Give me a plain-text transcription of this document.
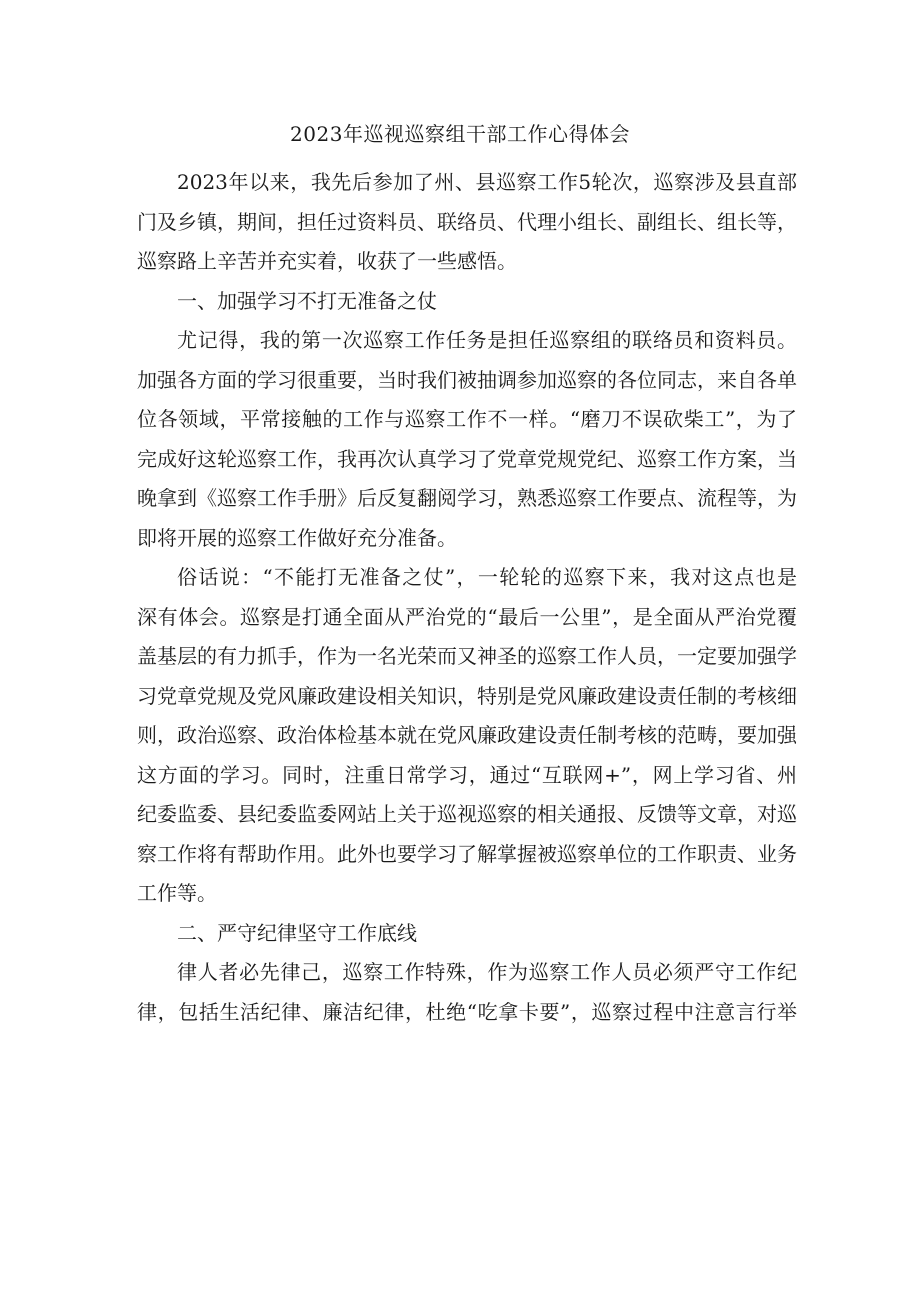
2023年巡视巡察组干部工作心得体会
2023年以来，我先后参加了州、县巡察工作5轮次，巡察涉及县直部
门及乡镇，期间，担任过资料员、联络员、代理小组长、副组长、组长等，
巡察路上辛苦并充实着，收获了一些感悟。
一、加强学习不打无准备之仗
尤记得，我的第一次巡察工作任务是担任巡察组的联络员和资料员。
加强各方面的学习很重要，当时我们被抽调参加巡察的各位同志，来自各单
位各领域，平常接触的工作与巡察工作不一样。“磨刀不误砍柴工”，为了
完成好这轮巡察工作，我再次认真学习了党章党规党纪、巡察工作方案，当
晚拿到《巡察工作手册》后反复翻阅学习，熟悉巡察工作要点、流程等，为
即将开展的巡察工作做好充分准备。
俗话说：“不能打无准备之仗”，一轮轮的巡察下来，我对这点也是
深有体会。巡察是打通全面从严治党的“最后一公里”，是全面从严治党覆
盖基层的有力抓手，作为一名光荣而又神圣的巡察工作人员，一定要加强学
习党章党规及党风廉政建设相关知识，特别是党风廉政建设责任制的考核细
则，政治巡察、政治体检基本就在党风廉政建设责任制考核的范畴，要加强
这方面的学习。同时，注重日常学习，通过“互联网+”，网上学习省、州
纪委监委、县纪委监委网站上关于巡视巡察的相关通报、反馈等文章，对巡
察工作将有帮助作用。此外也要学习了解掌握被巡察单位的工作职责、业务
工作等。
二、严守纪律坚守工作底线
律人者必先律己，巡察工作特殊，作为巡察工作人员必须严守工作纪
律，包括生活纪律、廉洁纪律，杜绝“吃拿卡要”，巡察过程中注意言行举
